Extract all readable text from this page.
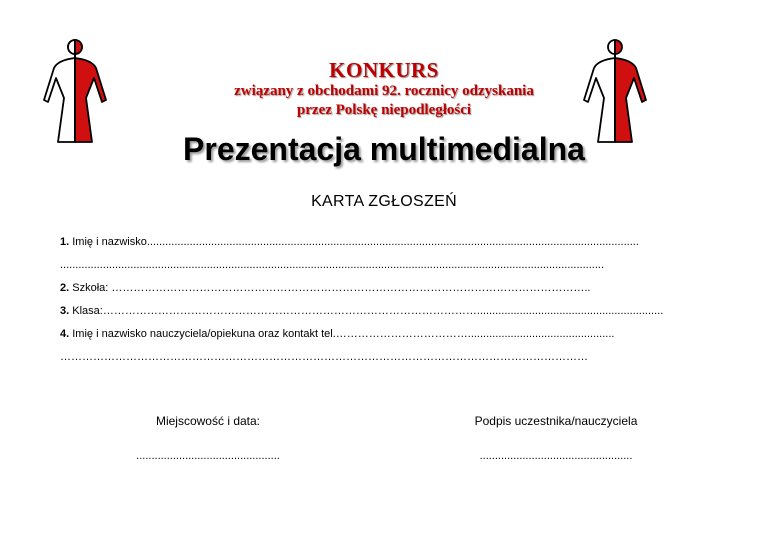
KONKURS
związany z obchodami 92. rocznicy odzyskania
przez Polskę niepodległości
Prezentacja multimedialna
KARTA ZGŁOSZEŃ
1. Imię i nazwisko.................................................................................................................................................................
..................................................................................................................................................................................
2. Szkoła: …………………………………………………………………………………………………………………..
3. Klasa:………………………………………………………………………………………….............................................................
4. Imię i nazwisko nauczyciela/opiekuna oraz kontakt tel.………………………………................................................
………………………………………………………………………………………………………………………………
Miejscowość i data:
...............................................
Podpis uczestnika/nauczyciela
..................................................
